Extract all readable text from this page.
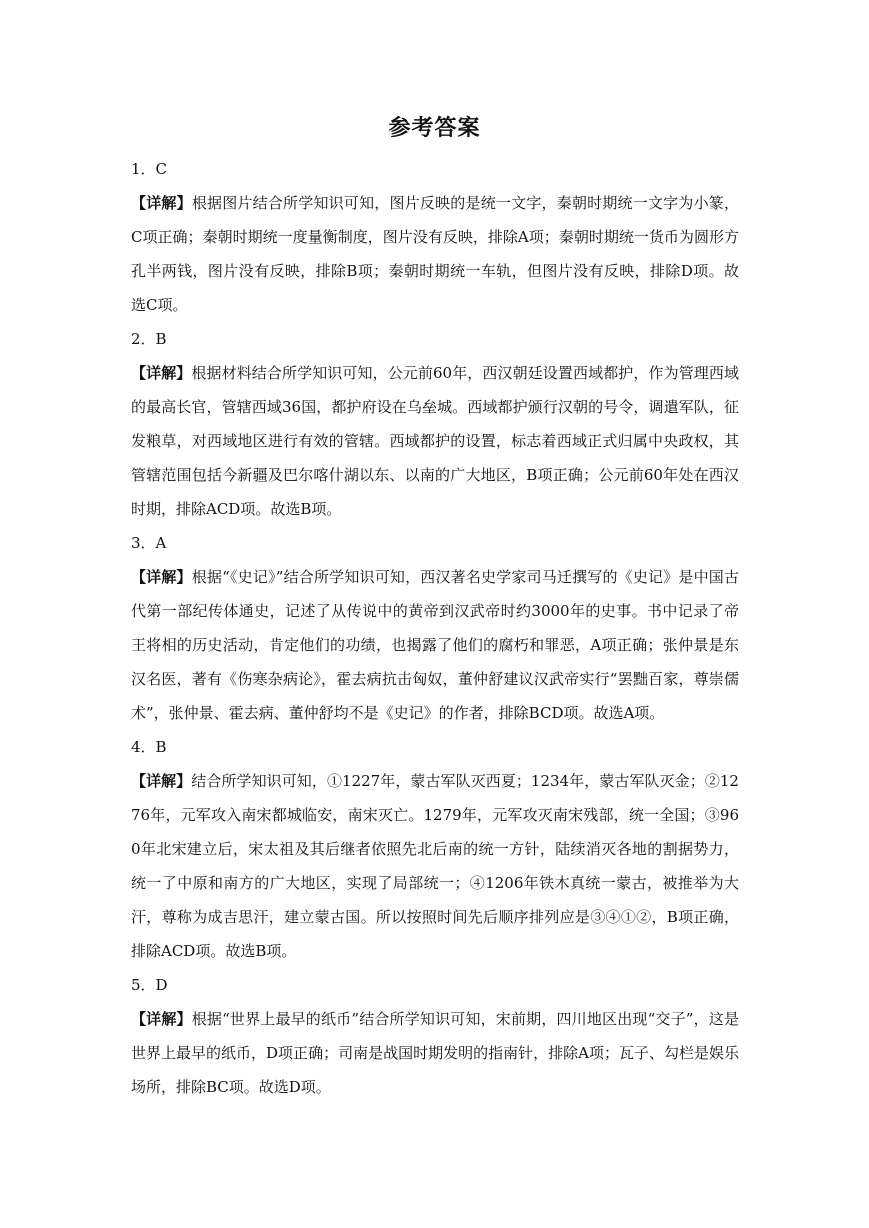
参考答案
1．C
【详解】根据图片结合所学知识可知，图片反映的是统一文字，秦朝时期统一文字为小篆，C项正确；秦朝时期统一度量衡制度，图片没有反映，排除A项；秦朝时期统一货币为圆形方孔半两钱，图片没有反映，排除B项；秦朝时期统一车轨，但图片没有反映，排除D项。故选C项。
2．B
【详解】根据材料结合所学知识可知，公元前60年，西汉朝廷设置西域都护，作为管理西域的最高长官，管辖西域36国，都护府设在乌垒城。西域都护颁行汉朝的号令，调遣军队，征发粮草，对西域地区进行有效的管辖。西域都护的设置，标志着西域正式归属中央政权，其管辖范围包括今新疆及巴尔喀什湖以东、以南的广大地区，B项正确；公元前60年处在西汉时期，排除ACD项。故选B项。
3．A
【详解】根据“《史记》”结合所学知识可知，西汉著名史学家司马迁撰写的《史记》是中国古代第一部纪传体通史，记述了从传说中的黄帝到汉武帝时约3000年的史事。书中记录了帝王将相的历史活动，肯定他们的功绩，也揭露了他们的腐朽和罪恶，A项正确；张仲景是东汉名医，著有《伤寒杂病论》，霍去病抗击匈奴，董仲舒建议汉武帝实行“罢黜百家，尊崇儒术”，张仲景、霍去病、董仲舒均不是《史记》的作者，排除BCD项。故选A项。
4．B
【详解】结合所学知识可知，①1227年，蒙古军队灭西夏；1234年，蒙古军队灭金；②1276年，元军攻入南宋都城临安，南宋灭亡。1279年，元军攻灭南宋残部，统一全国；③960年北宋建立后，宋太祖及其后继者依照先北后南的统一方针，陆续消灭各地的割据势力，统一了中原和南方的广大地区，实现了局部统一；④1206年铁木真统一蒙古，被推举为大汗，尊称为成吉思汗，建立蒙古国。所以按照时间先后顺序排列应是③④①②，B项正确，排除ACD项。故选B项。
5．D
【详解】根据“世界上最早的纸币”结合所学知识可知，宋前期，四川地区出现“交子”，这是世界上最早的纸币，D项正确；司南是战国时期发明的指南针，排除A项；瓦子、勾栏是娱乐场所，排除BC项。故选D项。
